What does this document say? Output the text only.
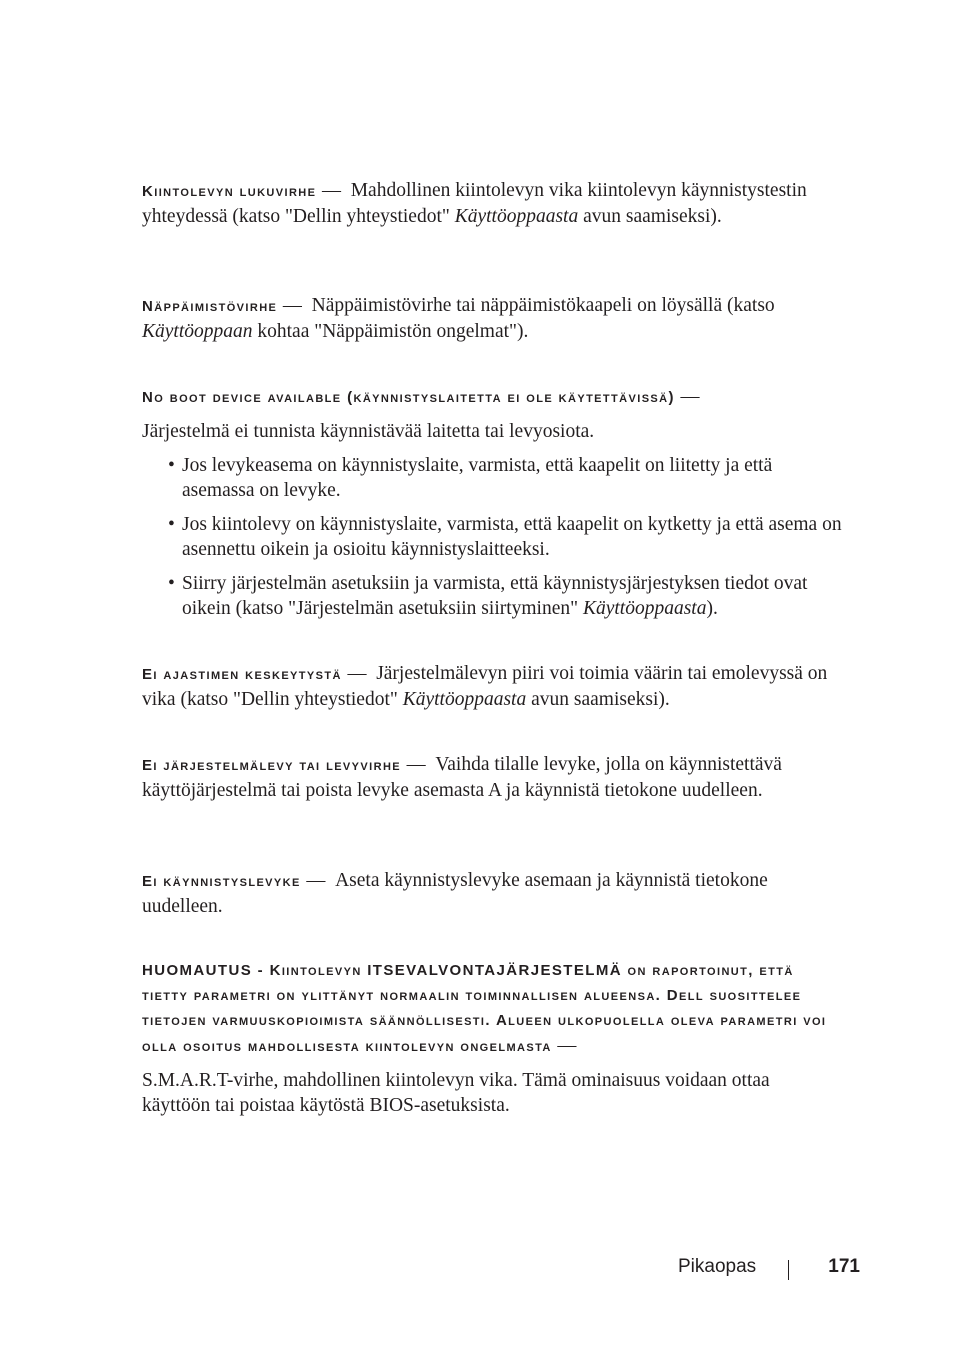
Kiintolevyn lukuvirhe — Mahdollinen kiintolevyn vika kiintolevyn käynnistystestin yhteydessä (katso "Dellin yhteystiedot" Käyttöoppaasta avun saamiseksi).
Näppäimistövirhe — Näppäimistövirhe tai näppäimistökaapeli on löysällä (katso Käyttöoppaan kohtaa "Näppäimistön ongelmat").
No boot device available (käynnistyslaitetta ei ole käytettävissä) —

Järjestelmä ei tunnista käynnistävää laitetta tai levyosiota.

• Jos levykeasema on käynnistyslaite, varmista, että kaapelit on liitetty ja että asemassa on levyke.
• Jos kiintolevy on käynnistyslaite, varmista, että kaapelit on kytketty ja että asema on asennettu oikein ja osioitu käynnistyslaitteeksi.
• Siirry järjestelmän asetuksiin ja varmista, että käynnistysjärjestyksen tiedot ovat oikein (katso "Järjestelmän asetuksiin siirtyminen" Käyttöoppaasta).
Ei ajastimen keskeytystä — Järjestelmälevyn piiri voi toimia väärin tai emolevyssä on vika (katso "Dellin yhteystiedot" Käyttöoppaasta avun saamiseksi).
Ei järjestelmälevy tai levyvirhe — Vaihda tilalle levyke, jolla on käynnistettävä käyttöjärjestelmä tai poista levyke asemasta A ja käynnistä tietokone uudelleen.
Ei käynnistyslevyke — Aseta käynnistyslevyke asemaan ja käynnistä tietokone uudelleen.
HUOMAUTUS - Kiintolevyn ITSEVALVONTAJÄRJESTELMÄ on raportoinut, että tietty parametri on ylittänyt normaalin toiminnallisen alueensa. Dell suosittelee tietojen varmuuskopioimista säännöllisesti. Alueen ulkopuolella oleva parametri voi olla osoitus mahdollisesta kiintolevyn ongelmasta —

S.M.A.R.T-virhe, mahdollinen kiintolevyn vika. Tämä ominaisuus voidaan ottaa käyttöön tai poistaa käytöstä BIOS-asetuksista.

Pikaopas	171
